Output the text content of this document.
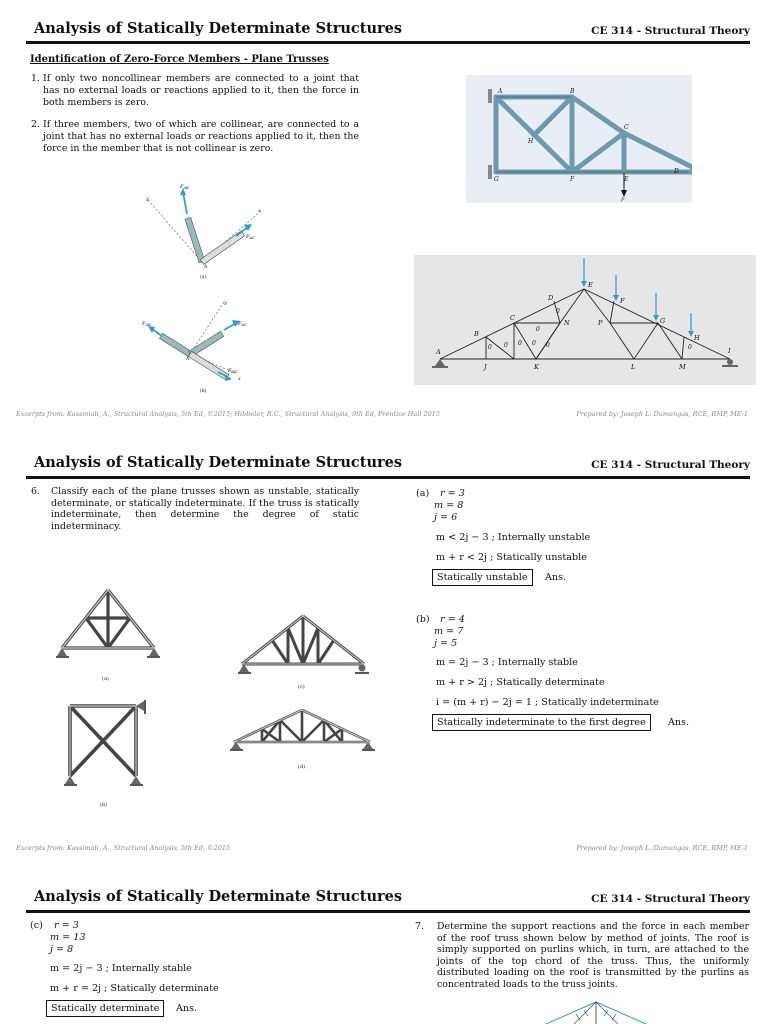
Analysis of Statically Determinate Structures	CE 314 - Structural Theory
Identification of Zero-Force Members - Plane Trusses
1. If only two noncollinear members are connected to a joint that has no external loads or reactions applied to it, then the force in both members is zero.
2. If three members, two of which are collinear, are connected to a joint that has no external loads or reactions applied to it, then the force in the member that is not collinear is zero.
$F_{AB}$
$F_{AC}$
y
x
A
(a)
$F_{AB}$	$F_{AC}$
$F_{AD}$
y
x
A
(b)
A	B
C
D
E
F
G
H
P
A
B
C
D
E
F
G
H
I
J	K	L	M
N	P
0 0 0 0 0
0
0
0
Excerpts from: Kassimali, A., Structural Analysis, 5th Ed, ©2015; Hibbeler, R.C., Structural Analysis, 9th Ed, Prentice Hall 2015	Prepared by: Joseph L. Dumangas, RCE, RMP, ME-1
Analysis of Statically Determinate Structures	CE 314 - Structural Theory
6. Classify each of the plane trusses shown as unstable, statically determinate, or statically indeterminate. If the truss is statically indeterminate, then determine the degree of static indeterminacy.
(a)
(c)
(b)
(d)
(a) r = 3
m = 8
j = 6
m < 2j − 3 ; Internally unstable
m + r < 2j ; Statically unstable
Statically unstable	Ans.
(b) r = 4
m = 7
j = 5
m = 2j − 3 ; Internally stable
m + r > 2j ; Statically determinate
i = (m + r) − 2j = 1 ; Statically indeterminate
Statically indeterminate to the first degree	Ans.
Excerpts from: Kassimali, A., Structural Analysis, 5th Ed, ©2015	Prepared by: Joseph L. Dumangas, RCE, RMP, ME-1
Analysis of Statically Determinate Structures	CE 314 - Structural Theory
(c) r = 3
m = 13
j = 8
m = 2j − 3 ; Internally stable
m + r = 2j ; Statically determinate
Statically determinate	Ans.
7. Determine the support reactions and the force in each member of the roof truss shown below by method of joints. The roof is simply supported on purlins which, in turn, are attached to the joints of the top chord of the truss. Thus, the uniformly distributed loading on the roof is transmitted by the purlins as concentrated loads to the truss joints.
